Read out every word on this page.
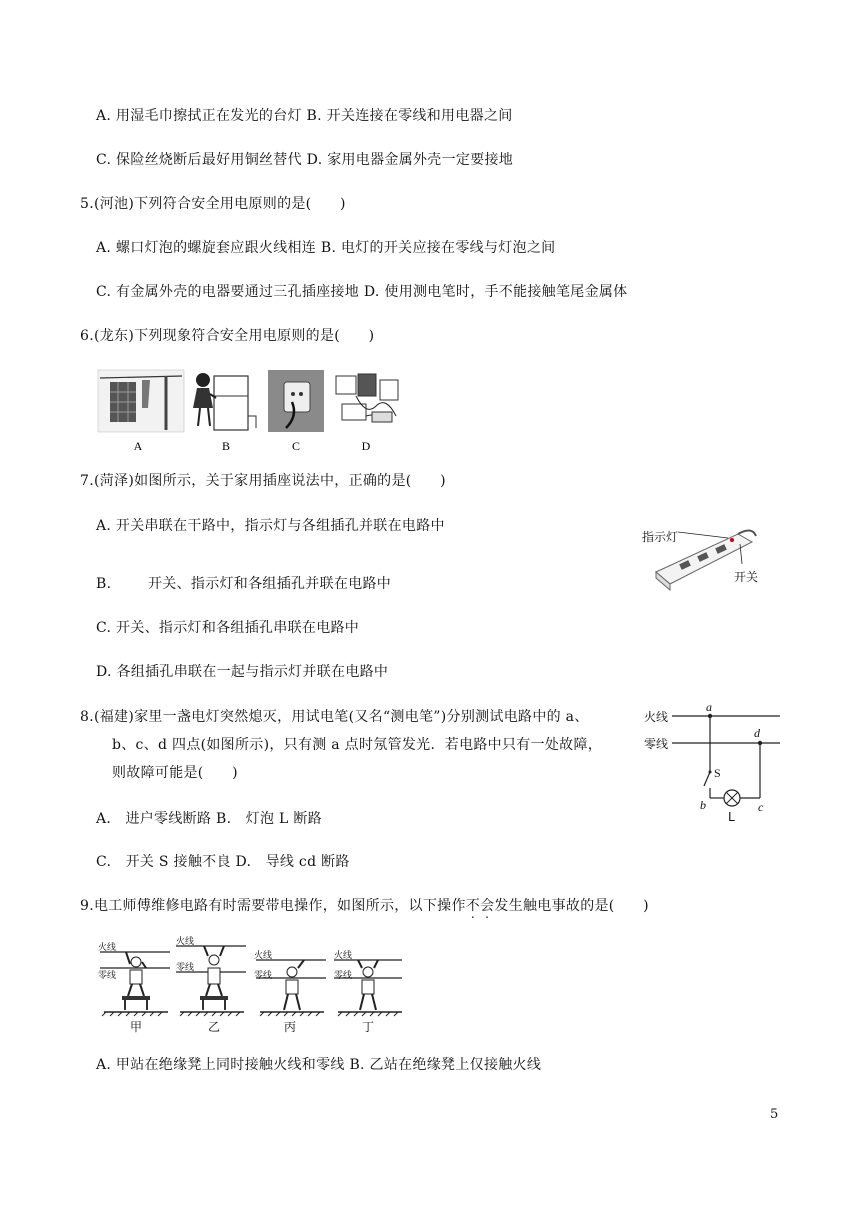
A. 用湿毛巾擦拭正在发光的台灯 B. 开关连接在零线和用电器之间
C. 保险丝烧断后最好用铜丝替代 D. 家用电器金属外壳一定要接地
5.(河池)下列符合安全用电原则的是(　　)
A. 螺口灯泡的螺旋套应跟火线相连 B. 电灯的开关应接在零线与灯泡之间
C. 有金属外壳的电器要通过三孔插座接地 D. 使用测电笔时，手不能接触笔尾金属体
6.(龙东)下列现象符合安全用电原则的是(　　)
A	B	C	D
7.(菏泽)如图所示，关于家用插座说法中，正确的是(　　)
A. 开关串联在干路中，指示灯与各组插孔并联在电路中
B.	开关、指示灯和各组插孔并联在电路中
C. 开关、指示灯和各组插孔串联在电路中
D. 各组插孔串联在一起与指示灯并联在电路中
指示灯
开关
8.(福建)家里一盏电灯突然熄灭，用试电笔(又名“测电笔”)分别测试电路中的 a、
b、c、d 四点(如图所示)，只有测 a 点时氖管发光．若电路中只有一处故障，
则故障可能是(　　)
A.　进户零线断路 B.　灯泡 L 断路
C.　开关 S 接触不良 D.　导线 cd 断路
火线
零线
a
d
S
b	c
L
9.电工师傅维修电路有时需要带电操作，如图所示，以下操作不会发生触电事故的是(　　)
火线
零线
火线
零线
火线
零线
火线
零线
甲	乙	丙	丁
A. 甲站在绝缘凳上同时接触火线和零线 B. 乙站在绝缘凳上仅接触火线
5
